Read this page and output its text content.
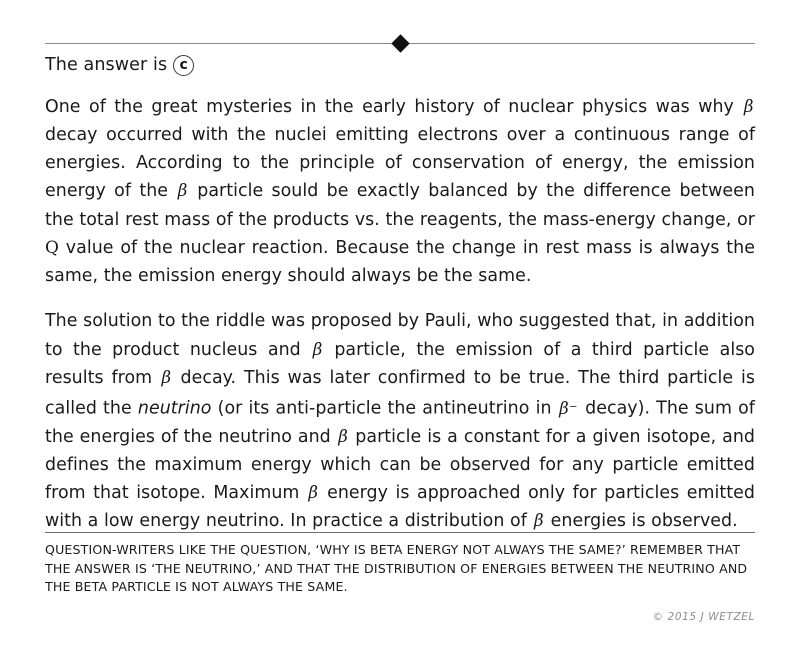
The answer is c

One of the great mysteries in the early history of nuclear physics was why β decay occurred with the nuclei emitting electrons over a continuous range of energies. According to the principle of conservation of energy, the emission energy of the β particle sould be exactly balanced by the difference between the total rest mass of the products vs. the reagents, the mass-energy change, or Q value of the nuclear reaction. Because the change in rest mass is always the same, the emission energy should always be the same.

The solution to the riddle was proposed by Pauli, who suggested that, in addition to the product nucleus and β particle, the emission of a third particle also results from β decay. This was later confirmed to be true. The third particle is called the neutrino (or its anti-particle the antineutrino in β− decay). The sum of the energies of the neutrino and β particle is a constant for a given isotope, and defines the maximum energy which can be observed for any particle emitted from that isotope. Maximum β energy is approached only for particles emitted with a low energy neutrino. In practice a distribution of β energies is observed.

QUESTION-WRITERS LIKE THE QUESTION, ‘WHY IS BETA ENERGY NOT ALWAYS THE SAME?’ REMEMBER THAT THE ANSWER IS ‘THE NEUTRINO,’ AND THAT THE DISTRIBUTION OF ENERGIES BETWEEN THE NEUTRINO AND THE BETA PARTICLE IS NOT ALWAYS THE SAME.
© 2015 J WETZEL
